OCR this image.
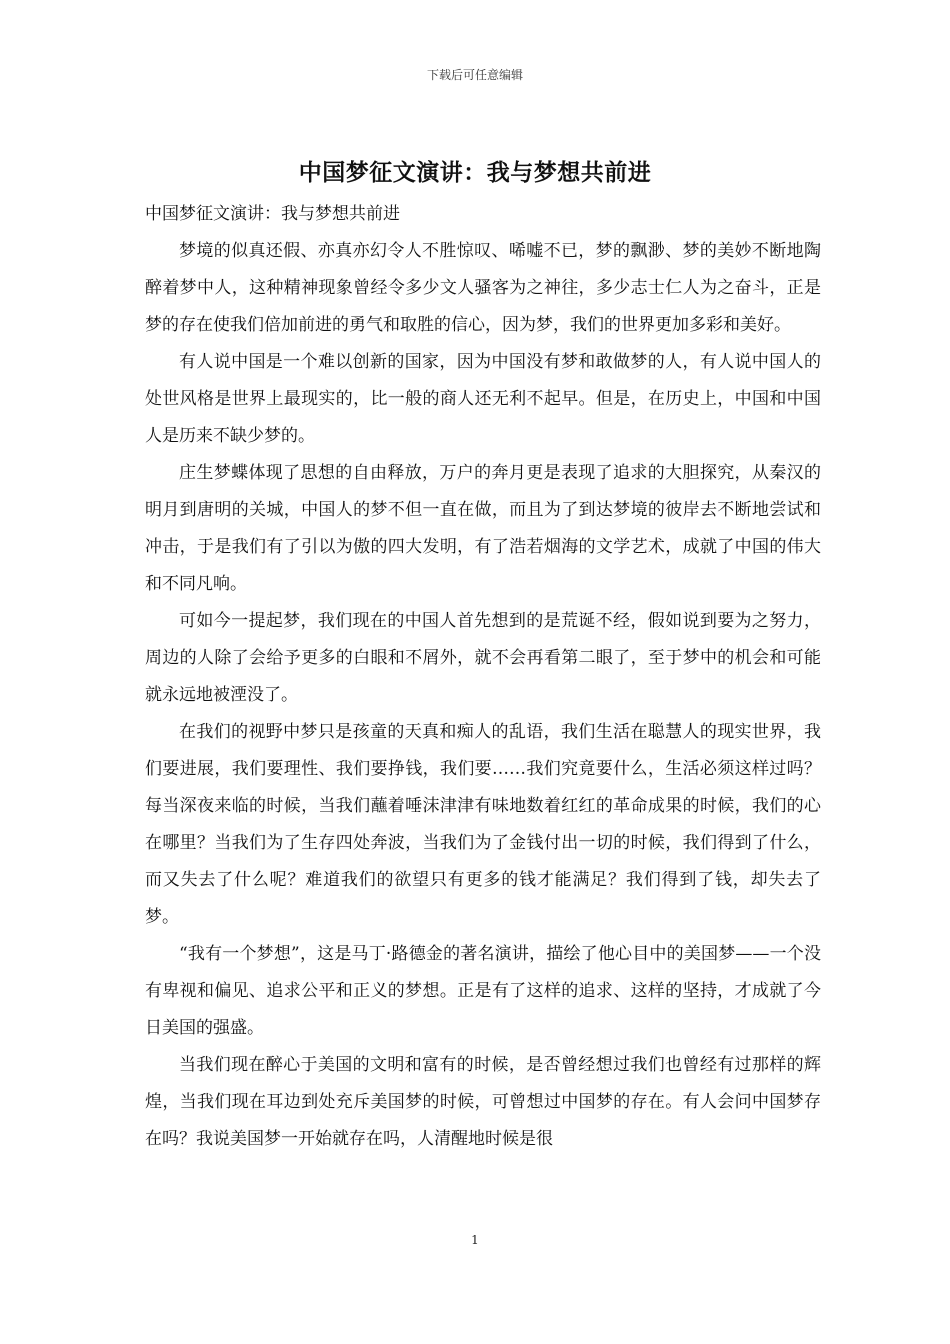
下载后可任意编辑
中国梦征文演讲：我与梦想共前进

中国梦征文演讲：我与梦想共前进

梦境的似真还假、亦真亦幻令人不胜惊叹、唏嘘不已，梦的飘渺、梦的美妙不断地陶醉着梦中人，这种精神现象曾经令多少文人骚客为之神往，多少志士仁人为之奋斗，正是梦的存在使我们倍加前进的勇气和取胜的信心，因为梦，我们的世界更加多彩和美好。

有人说中国是一个难以创新的国家，因为中国没有梦和敢做梦的人，有人说中国人的处世风格是世界上最现实的，比一般的商人还无利不起早。但是，在历史上，中国和中国人是历来不缺少梦的。

庄生梦蝶体现了思想的自由释放，万户的奔月更是表现了追求的大胆探究，从秦汉的明月到唐明的关城，中国人的梦不但一直在做，而且为了到达梦境的彼岸去不断地尝试和冲击，于是我们有了引以为傲的四大发明，有了浩若烟海的文学艺术，成就了中国的伟大和不同凡响。

可如今一提起梦，我们现在的中国人首先想到的是荒诞不经，假如说到要为之努力，周边的人除了会给予更多的白眼和不屑外，就不会再看第二眼了，至于梦中的机会和可能就永远地被湮没了。

在我们的视野中梦只是孩童的天真和痴人的乱语，我们生活在聪慧人的现实世界，我们要进展，我们要理性、我们要挣钱，我们要……我们究竟要什么，生活必须这样过吗？每当深夜来临的时候，当我们蘸着唾沫津津有味地数着红红的革命成果的时候，我们的心在哪里？当我们为了生存四处奔波，当我们为了金钱付出一切的时候，我们得到了什么，而又失去了什么呢？难道我们的欲望只有更多的钱才能满足？我们得到了钱，却失去了梦。

“我有一个梦想”，这是马丁·路德金的著名演讲，描绘了他心目中的美国梦——一个没有卑视和偏见、追求公平和正义的梦想。正是有了这样的追求、这样的坚持，才成就了今日美国的强盛。

当我们现在醉心于美国的文明和富有的时候，是否曾经想过我们也曾经有过那样的辉煌，当我们现在耳边到处充斥美国梦的时候，可曾想过中国梦的存在。有人会问中国梦存在吗？我说美国梦一开始就存在吗，人清醒地时候是很

1
